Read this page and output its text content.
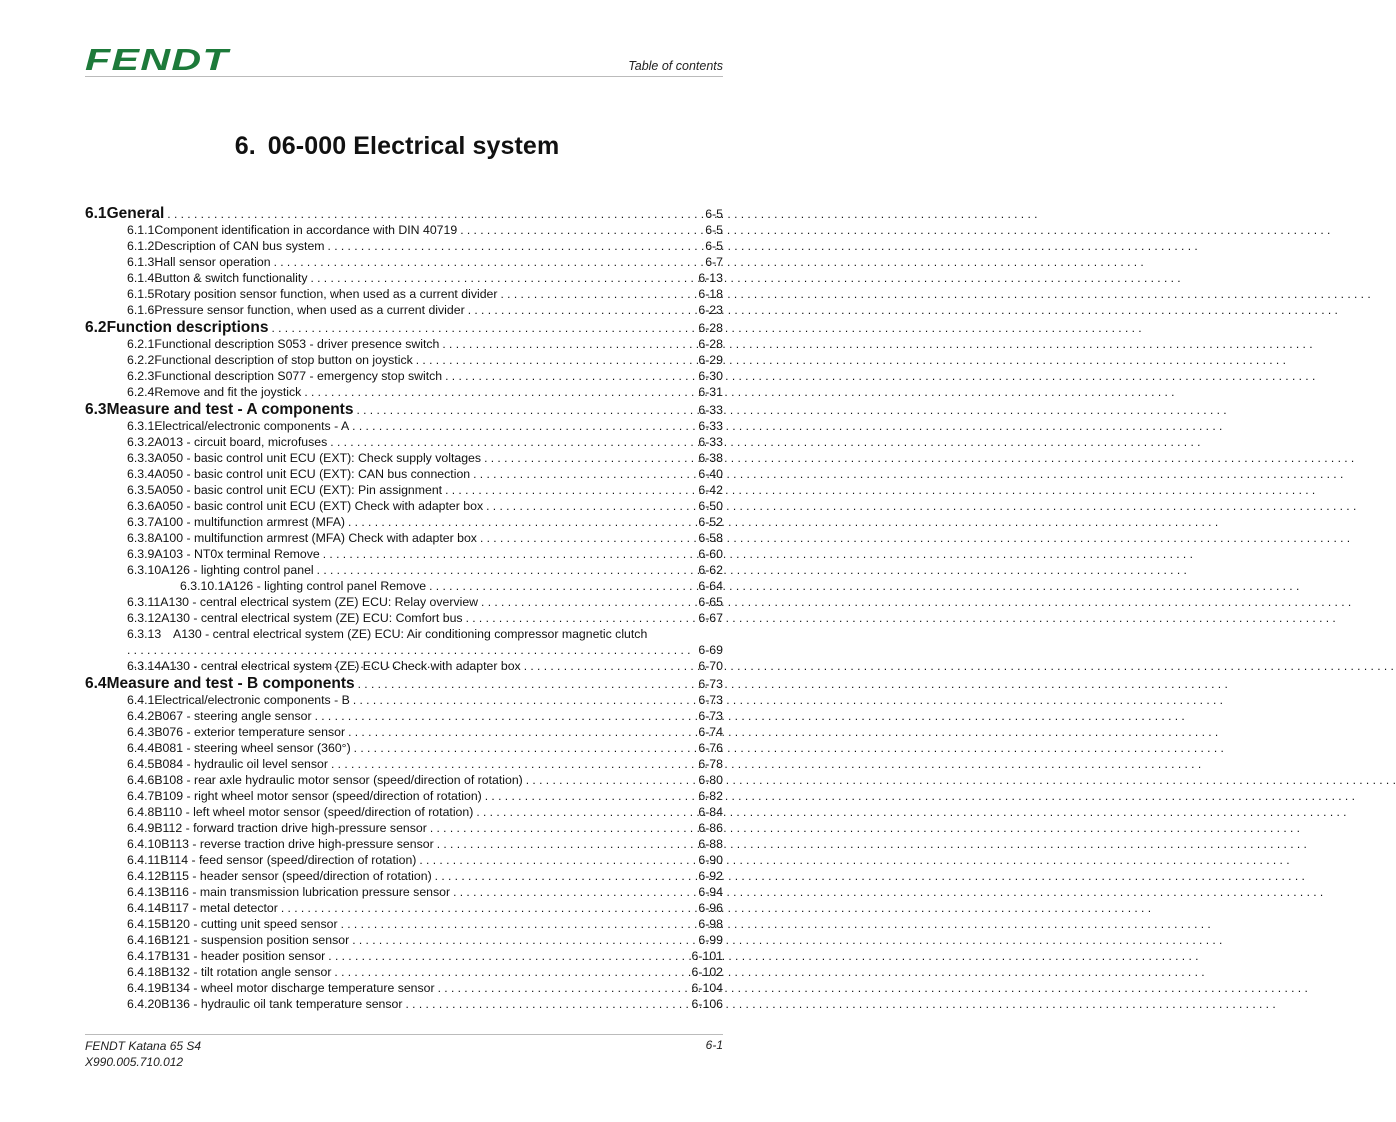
FENDT	Table of contents
6. 06-000 Electrical system
6.1 General . . .	6-5
6.1.1 Component identification in accordance with DIN 40719 . . .	6-5
6.1.2 Description of CAN bus system . . .	6-5
6.1.3 Hall sensor operation . . .	6-7
6.1.4 Button & switch functionality . . .	6-13
6.1.5 Rotary position sensor function, when used as a current divider . . .	6-18
6.1.6 Pressure sensor function, when used as a current divider . . .	6-23
6.2 Function descriptions . . .	6-28
6.2.1 Functional description S053 - driver presence switch . . .	6-28
6.2.2 Functional description of stop button on joystick . . .	6-29
6.2.3 Functional description S077 - emergency stop switch . . .	6-30
6.2.4 Remove and fit the joystick . . .	6-31
6.3 Measure and test - A components . . .	6-33
6.3.1 Electrical/electronic components - A . . .	6-33
6.3.2 A013 - circuit board, microfuses . . .	6-33
6.3.3 A050 - basic control unit ECU (EXT): Check supply voltages . . .	6-38
6.3.4 A050 - basic control unit ECU (EXT): CAN bus connection . . .	6-40
6.3.5 A050 - basic control unit ECU (EXT): Pin assignment . . .	6-42
6.3.6 A050 - basic control unit ECU (EXT) Check with adapter box . . .	6-50
6.3.7 A100 - multifunction armrest (MFA) . . .	6-52
6.3.8 A100 - multifunction armrest (MFA) Check with adapter box . . .	6-58
6.3.9 A103 - NT0x terminal Remove . . .	6-60
6.3.10 A126 - lighting control panel . . .	6-62
6.3.10.1 A126 - lighting control panel Remove . . .	6-64
6.3.11 A130 - central electrical system (ZE) ECU: Relay overview . . .	6-65
6.3.12 A130 - central electrical system (ZE) ECU: Comfort bus . . .	6-67
6.3.13 A130 - central electrical system (ZE) ECU: Air conditioning compressor magnetic clutch
. . .
6-69
6.3.14 A130 - central electrical system (ZE) ECU Check with adapter box . . .	6-70
6.4 Measure and test - B components . . .	6-73
6.4.1 Electrical/electronic components - B . . .	6-73
6.4.2 B067 - steering angle sensor . . .	6-73
6.4.3 B076 - exterior temperature sensor . . .	6-74
6.4.4 B081 - steering wheel sensor (360°) . . .	6-76
6.4.5 B084 - hydraulic oil level sensor . . .	6-78
6.4.6 B108 - rear axle hydraulic motor sensor (speed/direction of rotation) . . .	6-80
6.4.7 B109 - right wheel motor sensor (speed/direction of rotation) . . .	6-82
6.4.8 B110 - left wheel motor sensor (speed/direction of rotation) . . .	6-84
6.4.9 B112 - forward traction drive high-pressure sensor . . .	6-86
6.4.10 B113 - reverse traction drive high-pressure sensor . . .	6-88
6.4.11 B114 - feed sensor (speed/direction of rotation) . . .	6-90
6.4.12 B115 - header sensor (speed/direction of rotation) . . .	6-92
6.4.13 B116 - main transmission lubrication pressure sensor . . .	6-94
6.4.14 B117 - metal detector . . .	6-96
6.4.15 B120 - cutting unit speed sensor . . .	6-98
6.4.16 B121 - suspension position sensor . . .	6-99
6.4.17 B131 - header position sensor . . .	6-101
6.4.18 B132 - tilt rotation angle sensor . . .	6-102
6.4.19 B134 - wheel motor discharge temperature sensor . . .	6-104
6.4.20 B136 - hydraulic oil tank temperature sensor . . .	6-106
FENDT Katana 65 S4
X990.005.710.012
6-1
